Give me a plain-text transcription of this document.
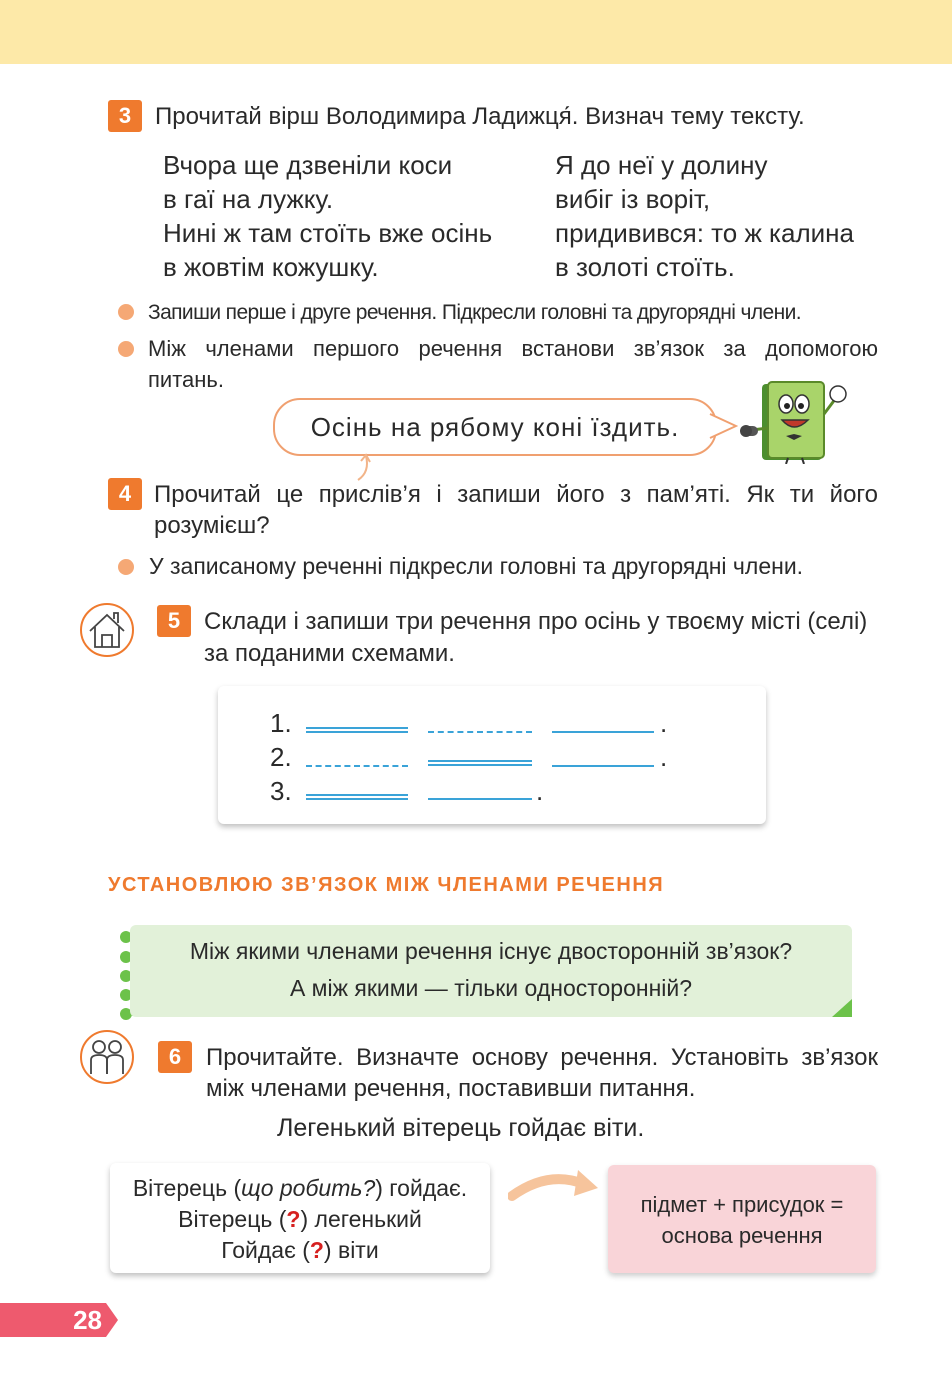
3 Прочитай вірш Володимира Ладижця́. Визнач тему тексту.
Вчора ще дзвеніли коси
в гаї на лужку.
Нині ж там стоїть вже осінь
в жовтім кожушку.
Я до неї у долину
вибіг із воріт,
придивився: то ж калина
в золоті стоїть.
Запиши перше і друге речення. Підкресли головні та другорядні члени.
Між членами першого речення встанови зв’язок за допомогою
питань.
Осінь на рябому коні їздить.
4 Прочитай це прислів’я і запиши його з пам’яті. Як ти його
розумієш?
У записаному реченні підкресли головні та другорядні члени.
5 Склади і запиши три речення про осінь у твоєму місті (селі)
за поданими схемами.
1.	.
2.	.
3.	.
УСТАНОВЛЮЮ ЗВ’ЯЗОК МІЖ ЧЛЕНАМИ РЕЧЕННЯ
Між якими членами речення існує двосторонній зв’язок?
А між якими — тільки односторонній?
6	Прочитайте. Визначте основу речення. Установіть зв’язок
між членами речення, поставивши питання.
Легенький вітерець гойдає віти.
Вітерець (що робить?) гойдає.
Вітерець (?) легенький
Гойдає (?) віти
підмет + присудок =
основа речення
28
